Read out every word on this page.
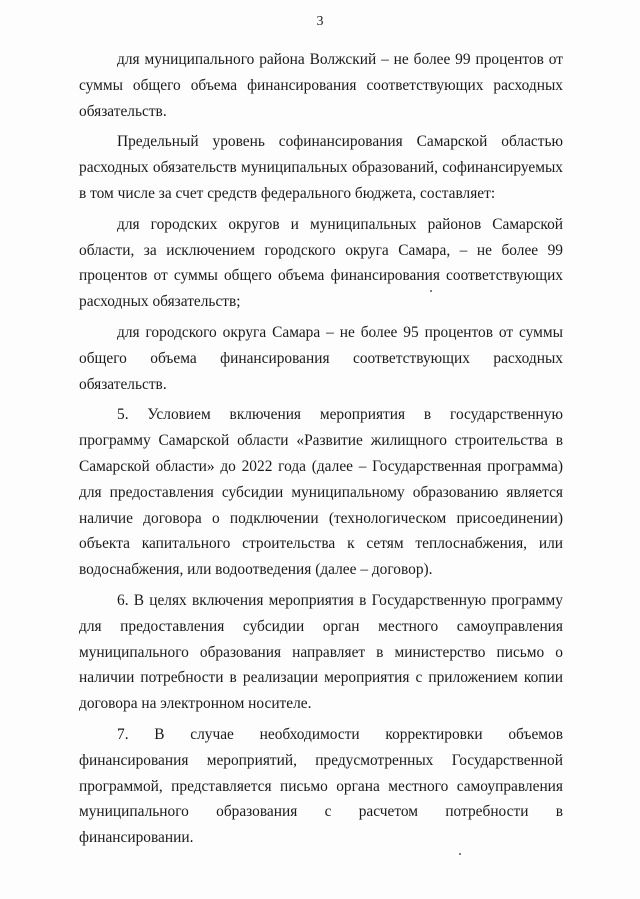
3

для муниципального района Волжский – не более 99 процентов от суммы общего объема финансирования соответствующих расходных обязательств.

Предельный уровень софинансирования Самарской областью расходных обязательств муниципальных образований, софинансируемых в том числе за счет средств федерального бюджета, составляет:

для городских округов и муниципальных районов Самарской области, за исключением городского округа Самара, – не более 99 процентов от суммы общего объема финансирования соответствующих расходных обязательств;

для городского округа Самара – не более 95 процентов от суммы общего объема финансирования соответствующих расходных обязательств.

5. Условием включения мероприятия в государственную программу Самарской области «Развитие жилищного строительства в Самарской области» до 2022 года (далее – Государственная программа) для предоставления субсидии муниципальному образованию является наличие договора о подключении (технологическом присоединении) объекта капитального строительства к сетям теплоснабжения, или водоснабжения, или водоотведения (далее – договор).

6. В целях включения мероприятия в Государственную программу для предоставления субсидии орган местного самоуправления муниципального образования направляет в министерство письмо о наличии потребности в реализации мероприятия с приложением копии договора на электронном носителе.

7. В случае необходимости корректировки объемов финансирования мероприятий, предусмотренных Государственной программой, представляется письмо органа местного самоуправления муниципального образования с расчетом потребности в финансировании.
